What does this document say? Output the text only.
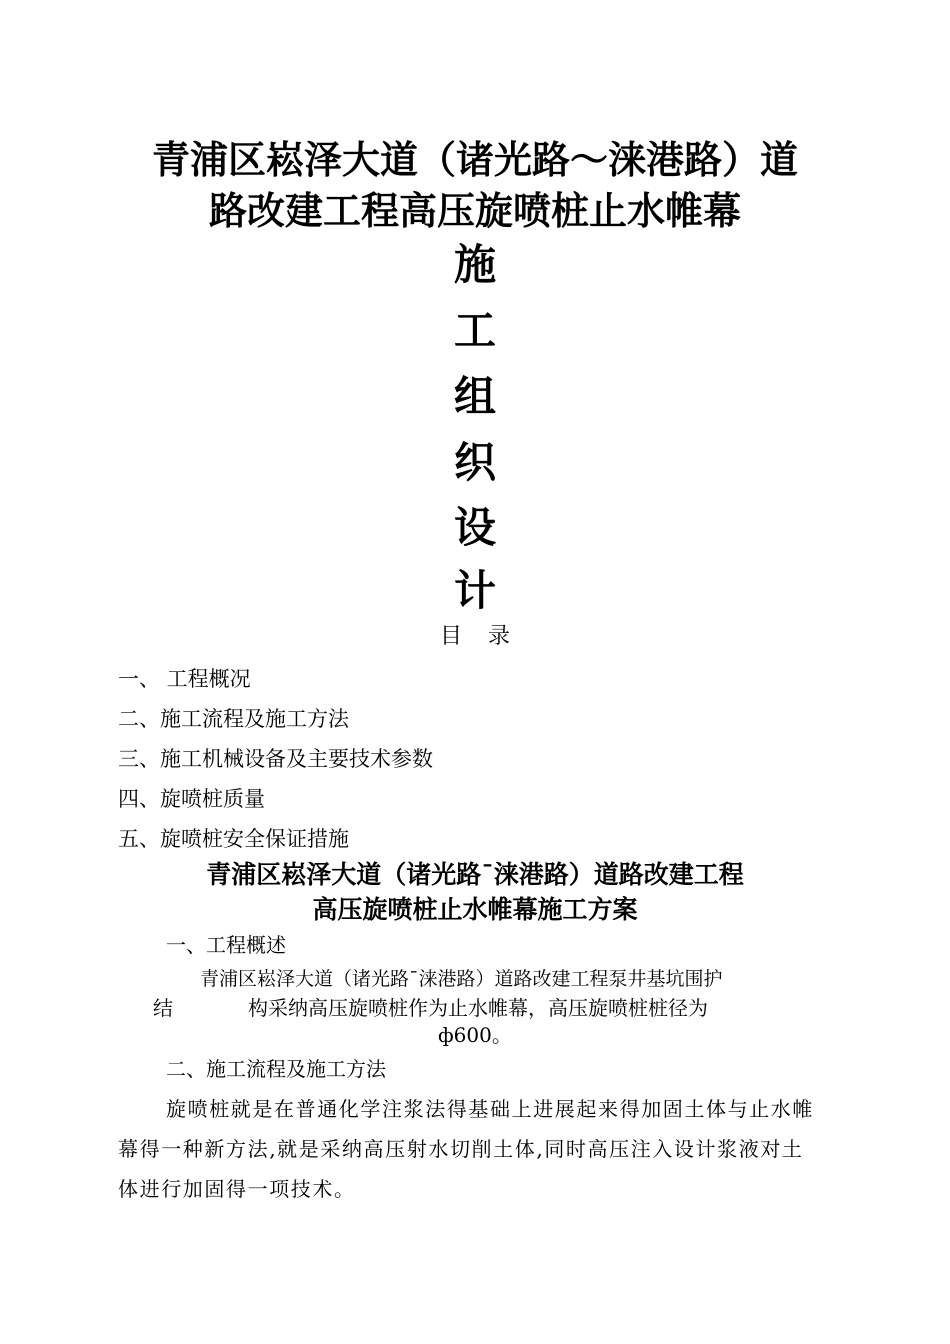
青浦区崧泽大道（诸光路～涞港路）道
路改建工程高压旋喷桩止水帷幕
施
工
组
织
设
计
目录
一、 工程概况
二、施工流程及施工方法
三、施工机械设备及主要技术参数
四、旋喷桩质量
五、旋喷桩安全保证措施
青浦区崧泽大道（诸光路¯涞港路）道路改建工程
高压旋喷桩止水帷幕施工方案
一、工程概述
青浦区崧泽大道（诸光路¯涞港路）道路改建工程泵井基坑围护
结	构采纳高压旋喷桩作为止水帷幕，高压旋喷桩桩径为
ф600。
二、施工流程及施工方法
旋喷桩就是在普通化学注浆法得基础上进展起来得加固土体与止水帷幕得一种新方法,就是采纳高压射水切削土体,同时高压注入设计浆液对土体进行加固得一项技术。
